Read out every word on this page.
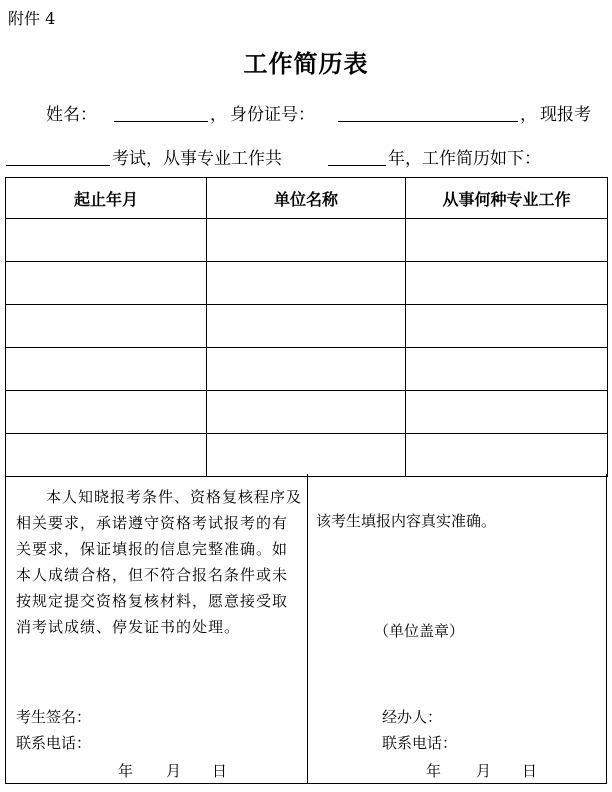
附件 4
工作简历表
姓名：	， 身份证号：	， 现报考
考试，从事专业工作共	年，工作简历如下：
起止年月	单位名称	从事何种专业工作

本人知晓报考条件、资格复核程序及相关要求，承诺遵守资格考试报考的有关要求，保证填报的信息完整准确。如本人成绩合格，但不符合报名条件或未按规定提交资格复核材料，愿意接受取消考试成绩、停发证书的处理。
考生签名：
联系电话：
年 月 日
该考生填报内容真实准确。
（单位盖章）
经办人：
联系电话：
年 月 日
